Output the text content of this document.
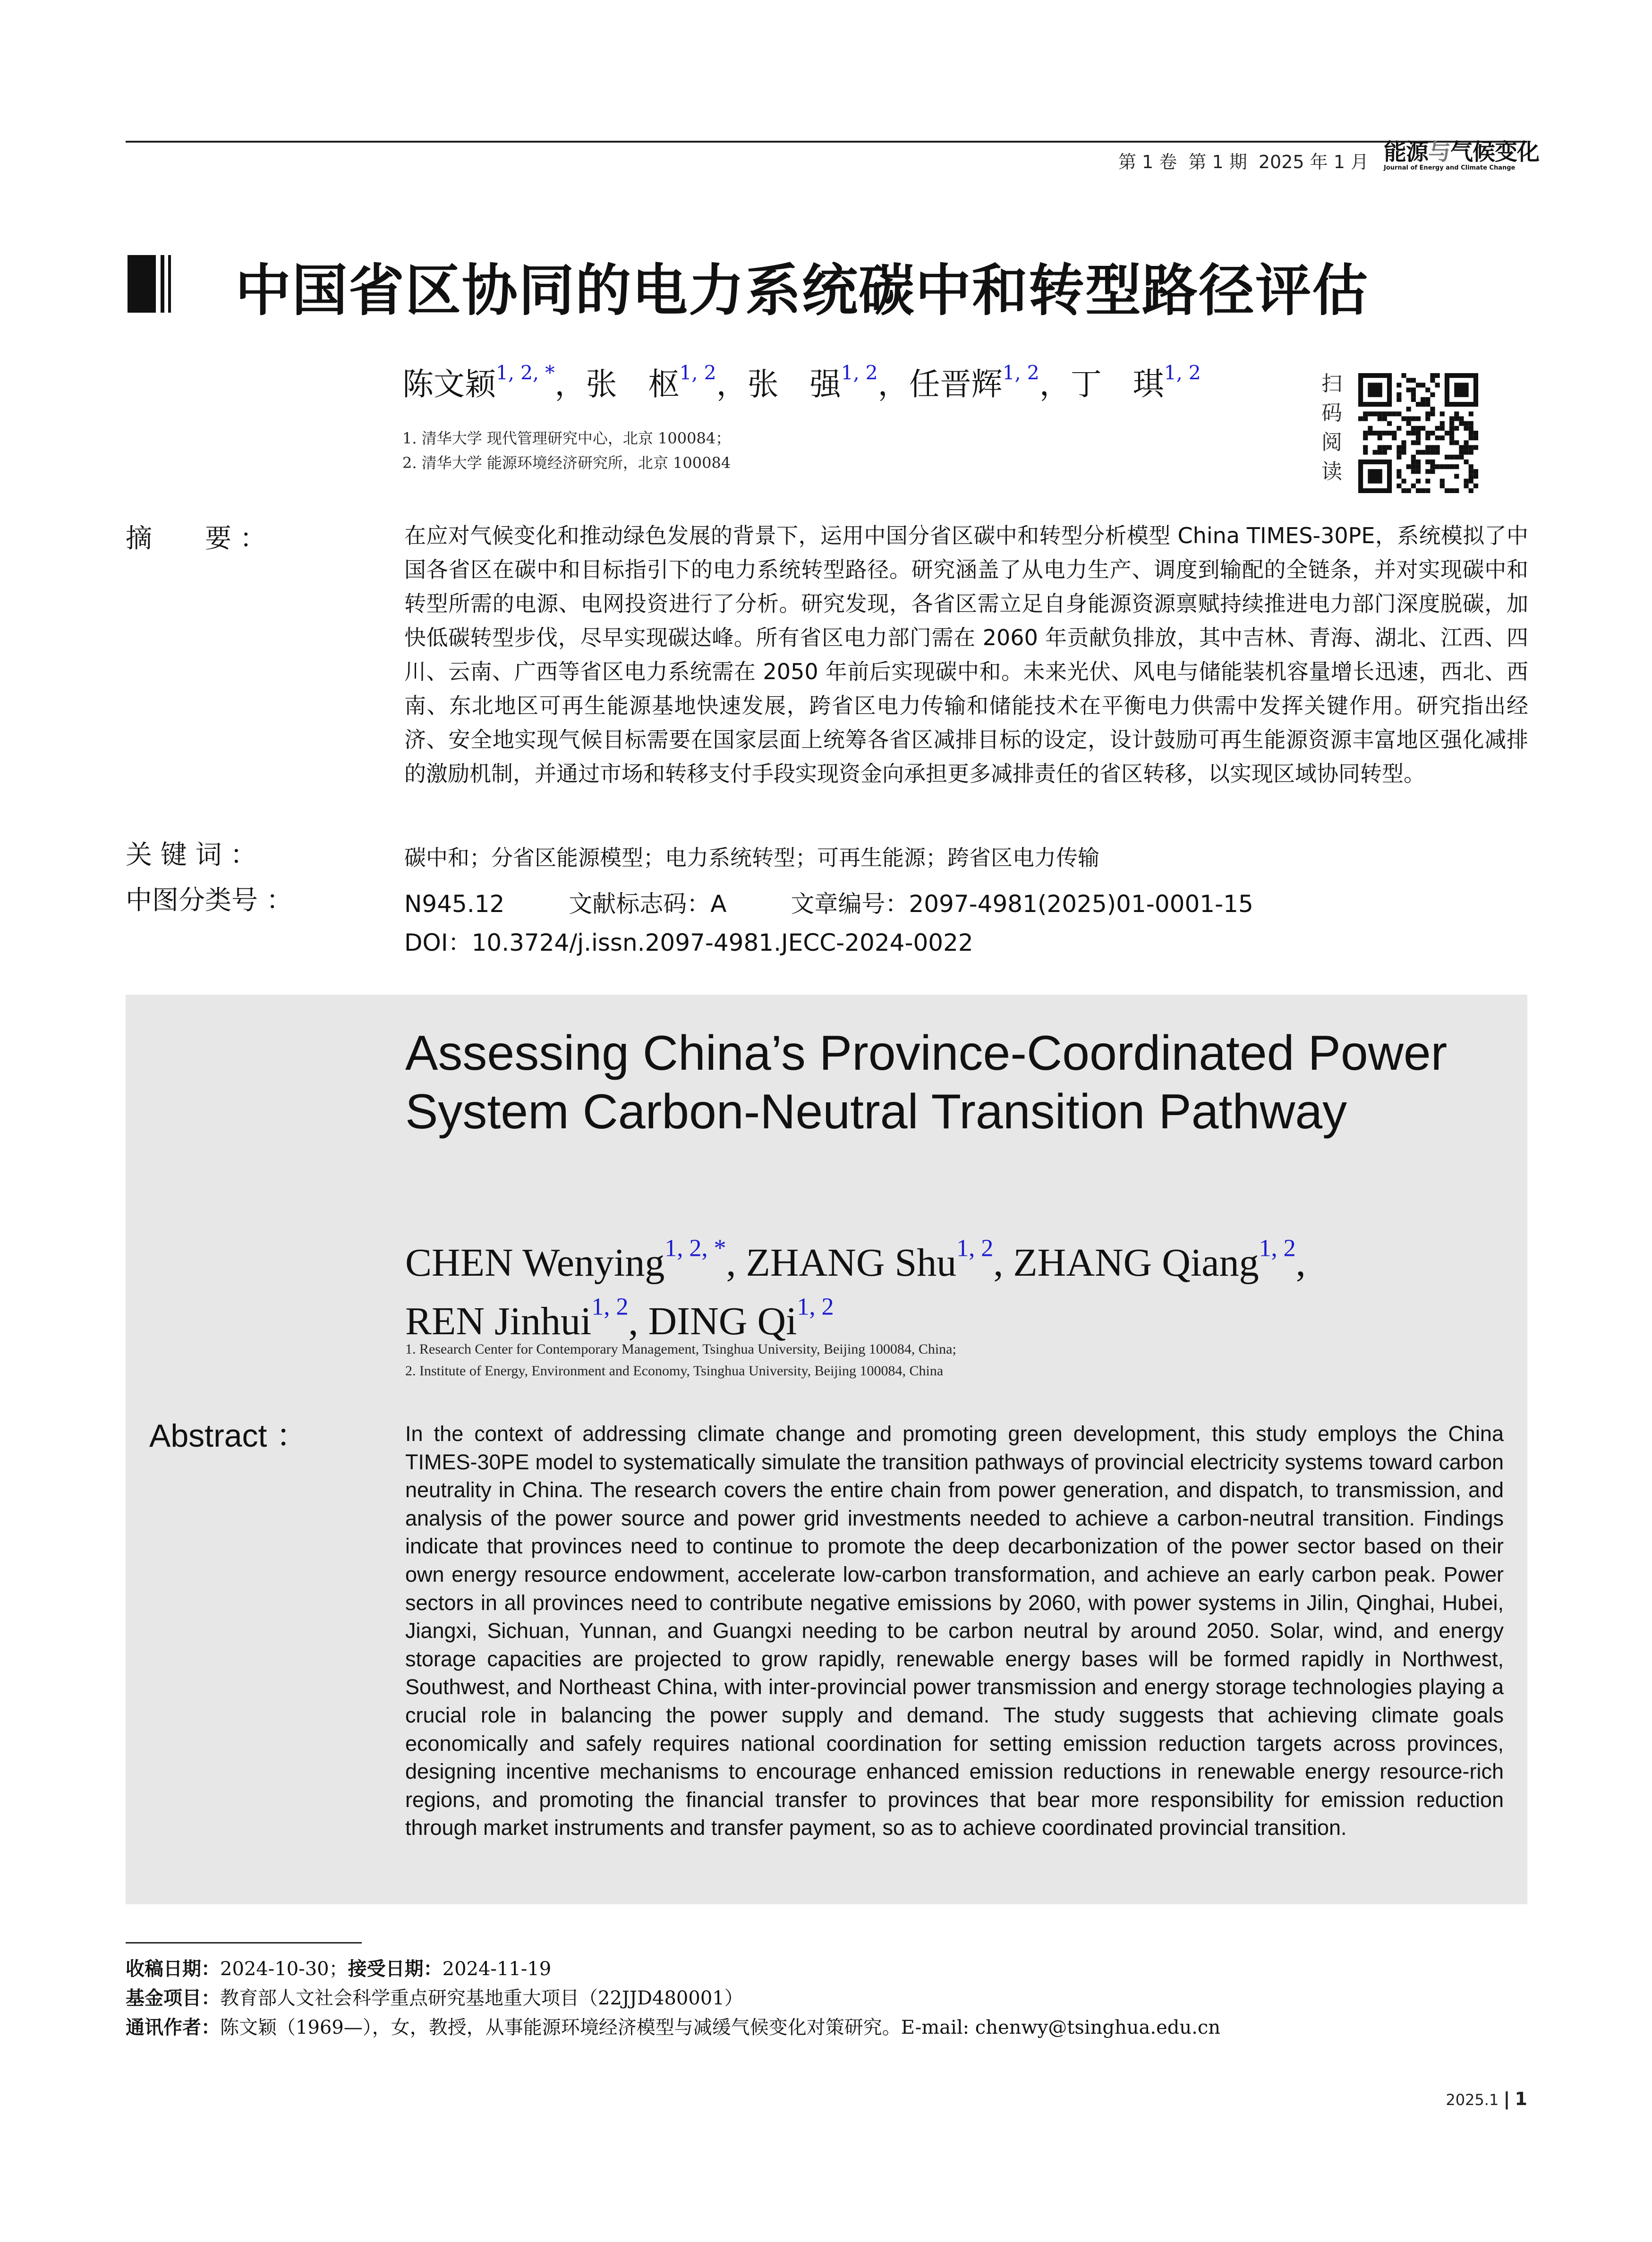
第 1 卷  第 1 期  2025 年 1 月 能源与气候变化
Journal of Energy and Climate Change
中国省区协同的电力系统碳中和转型路径评估
陈文颖$^{1, 2, *}$，张　枢$^{1, 2}$，张　强$^{1, 2}$，任晋辉$^{1, 2}$，丁　琪$^{1, 2}$
1. 清华大学 现代管理研究中心，北京 100084；
2. 清华大学 能源环境经济研究所，北京 100084
扫
码
阅
读
摘　　要 ：	在应对气候变化和推动绿色发展的背景下，运用中国分省区碳中和转型分析模型 China TIMES-30PE，系统模拟了中国各省区在碳中和目标指引下的电力系统转型路径。研究涵盖了从电力生产、调度到输配的全链条，并对实现碳中和转型所需的电源、电网投资进行了分析。研究发现，各省区需立足自身能源资源禀赋持续推进电力部门深度脱碳，加快低碳转型步伐，尽早实现碳达峰。所有省区电力部门需在 2060 年贡献负排放，其中吉林、青海、湖北、江西、四川、云南、广西等省区电力系统需在 2050 年前后实现碳中和。未来光伏、风电与储能装机容量增长迅速，西北、西南、东北地区可再生能源基地快速发展，跨省区电力传输和储能技术在平衡电力供需中发挥关键作用。研究指出经济、安全地实现气候目标需要在国家层面上统筹各省区减排目标的设定，设计鼓励可再生能源资源丰富地区强化减排的激励机制，并通过市场和转移支付手段实现资金向承担更多减排责任的省区转移，以实现区域协同转型。
关 键 词 ：	碳中和；分省区能源模型；电力系统转型；可再生能源；跨省区电力传输
中图分类号 ：	N945.12	文献标志码：A	文章编号：2097-4981(2025)01-0001-15
DOI：10.3724/j.issn.2097-4981.JECC-2024-0022
Assessing China’s Province-Coordinated Power System Carbon-Neutral Transition Pathway
CHEN Wenying$^{1, 2, *}$, ZHANG Shu$^{1, 2}$, ZHANG Qiang$^{1, 2}$,
REN Jinhui$^{1, 2}$, DING Qi$^{1, 2}$
1. Research Center for Contemporary Management, Tsinghua University, Beijing 100084, China;
2. Institute of Energy, Environment and Economy, Tsinghua University, Beijing 100084, China
Abstract ：	In the context of addressing climate change and promoting green development, this study employs the China TIMES-30PE model to systematically simulate the transition pathways of provincial electricity systems toward carbon neutrality in China. The research covers the entire chain from power generation, and dispatch, to transmission, and analysis of the power source and power grid investments needed to achieve a carbon-neutral transition. Findings indicate that provinces need to continue to promote the deep decarbonization of the power sector based on their own energy resource endowment, accelerate low-carbon transformation, and achieve an early carbon peak. Power sectors in all provinces need to contribute negative emissions by 2060, with power systems in Jilin, Qinghai, Hubei, Jiangxi, Sichuan, Yunnan, and Guangxi needing to be carbon neutral by around 2050. Solar, wind, and energy storage capacities are projected to grow rapidly, renewable energy bases will be formed rapidly in Northwest, Southwest, and Northeast China, with inter-provincial power transmission and energy storage technologies playing a crucial role in balancing the power supply and demand. The study suggests that achieving climate goals economically and safely requires national coordination for setting emission reduction targets across provinces, designing incentive mechanisms to encourage enhanced emission reductions in renewable energy resource-rich regions, and promoting the financial transfer to provinces that bear more responsibility for emission reduction through market instruments and transfer payment, so as to achieve coordinated provincial transition.
收稿日期：2024-10-30；接受日期：2024-11-19
基金项目：教育部人文社会科学重点研究基地重大项目（22JJD480001）
通讯作者：陈文颖（1969—），女，教授，从事能源环境经济模型与减缓气候变化对策研究。E-mail: chenwy@tsinghua.edu.cn
2025.1 | 1
